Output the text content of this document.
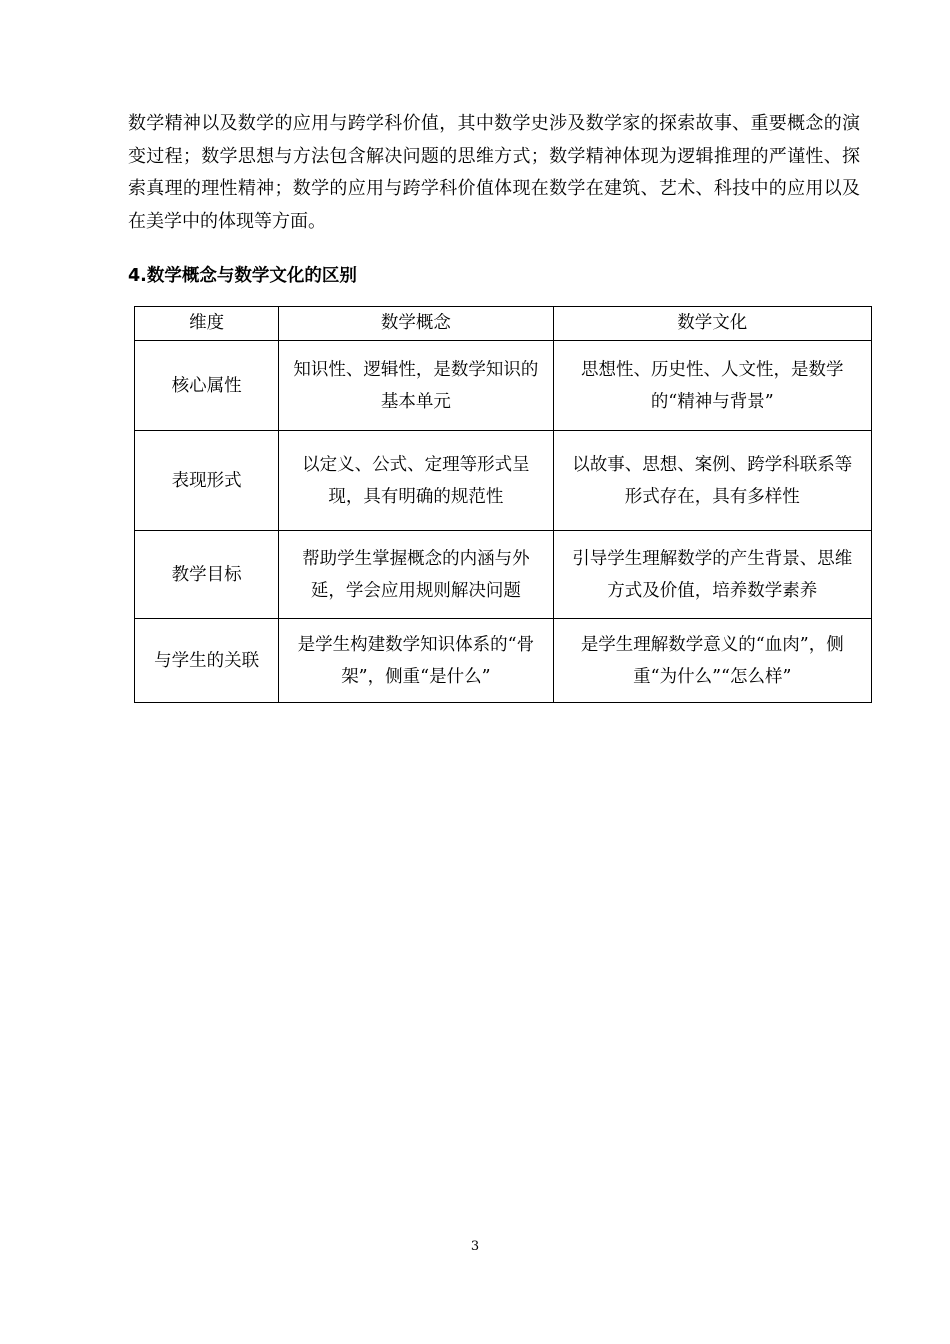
数学精神以及数学的应用与跨学科价值，其中数学史涉及数学家的探索故事、重要概念的演变过程；数学思想与方法包含解决问题的思维方式；数学精神体现为逻辑推理的严谨性、探索真理的理性精神；数学的应用与跨学科价值体现在数学在建筑、艺术、科技中的应用以及在美学中的体现等方面。

4.数学概念与数学文化的区别
维度	数学概念	数学文化
核心属性	知识性、逻辑性，是数学知识的基本单元	思想性、历史性、人文性，是数学的“精神与背景”
表现形式	以定义、公式、定理等形式呈现，具有明确的规范性	以故事、思想、案例、跨学科联系等形式存在，具有多样性
教学目标	帮助学生掌握概念的内涵与外延，学会应用规则解决问题	引导学生理解数学的产生背景、思维方式及价值，培养数学素养
与学生的关联	是学生构建数学知识体系的“骨架”，侧重“是什么”	是学生理解数学意义的“血肉”，侧重“为什么”“怎么样”
3
